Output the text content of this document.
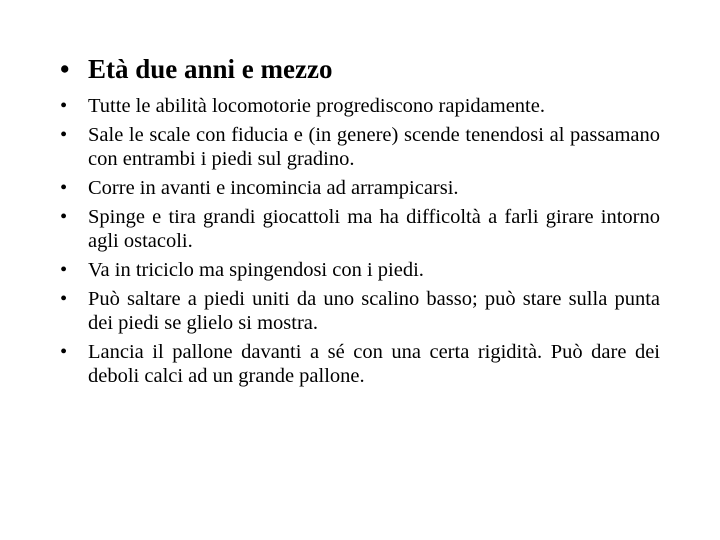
• Età due anni e mezzo
•	Tutte le abilità locomotorie progrediscono rapidamente.
•	Sale le scale con fiducia e (in genere) scende tenendosi al passamano con entrambi i piedi sul gradino.
•	Corre in avanti e incomincia ad arrampicarsi.
•	Spinge e tira grandi giocattoli ma ha difficoltà a farli girare intorno agli ostacoli.
•	Va in triciclo ma spingendosi con i piedi.
•	Può saltare a piedi uniti da uno scalino basso; può stare sulla punta dei piedi se glielo si mostra.
•	Lancia il pallone davanti a sé con una certa rigidità. Può dare dei deboli calci ad un grande pallone.
